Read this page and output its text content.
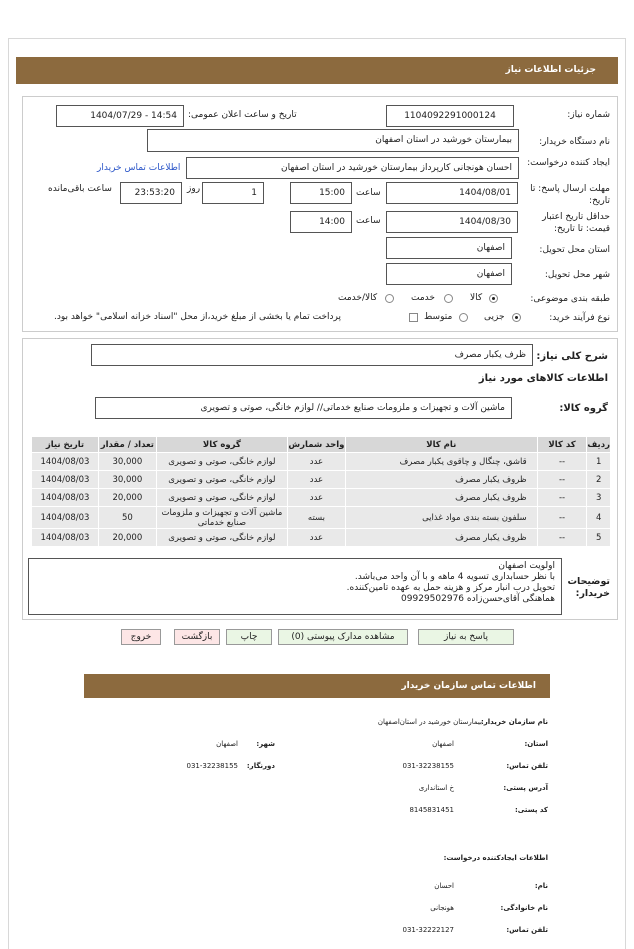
جزئیات اطلاعات نیاز
شماره نیاز:
1104092291000124
تاریخ و ساعت اعلان عمومی:
1404/07/29 - 14:54
نام دستگاه خریدار:
بیمارستان خورشید در استان اصفهان
ایجاد کننده درخواست:
احسان هونجانی کارپرداز بیمارستان خورشید در استان اصفهان
اطلاعات تماس خریدار
مهلت ارسال پاسخ: تا تاریخ:
1404/08/01
ساعت
15:00
1
روز
23:53:20
ساعت باقی‌مانده
حداقل تاریخ اعتبار قیمت: تا تاریخ:
1404/08/30
ساعت
14:00
استان محل تحویل:
اصفهان
شهر محل تحویل:
اصفهان
طبقه بندی موضوعی:
کالا
خدمت
کالا/خدمت
نوع فرآیند خرید:
جزیی
متوسط
پرداخت تمام یا بخشی از مبلغ خرید،از محل "اسناد خزانه اسلامی" خواهد بود.
شرح کلی نیاز:
ظرف یکبار مصرف
اطلاعات کالاهای مورد نیاز
گروه کالا:
ماشین آلات و تجهیزات و ملزومات صنایع خدماتی// لوازم خانگی، صوتی و تصویری
ردیف	کد کالا	نام کالا	واحد شمارش	گروه کالا	تعداد / مقدار	تاریخ نیاز
1	--	قاشق، چنگال و چاقوی یکبار مصرف	عدد	لوازم خانگی، صوتی و تصویری	30,000	1404/08/03
2	--	ظروف یکبار مصرف	عدد	لوازم خانگی، صوتی و تصویری	30,000	1404/08/03
3	--	ظروف یکبار مصرف	عدد	لوازم خانگی، صوتی و تصویری	20,000	1404/08/03
4	--	سلفون بسته بندی مواد غذایی	بسته	ماشین آلات و تجهیزات و ملزومات صنایع خدماتی	50	1404/08/03
5	--	ظروف یکبار مصرف	عدد	لوازم خانگی، صوتی و تصویری	20,000	1404/08/03
توضیحات خریدار:
اولویت اصفهان
با نظر حسابداری تسویه 4 ماهه و با آن واحد می‌باشد.
تحویل درب انبار مرکز و هزینه حمل به عهده تامین‌کننده.
هماهنگی آقای‌حسن‌زاده 09929502976
پاسخ به نیاز
مشاهده مدارک پیوستی (0)
چاپ
بازگشت
خروج
اطلاعات تماس سازمان خریدار
نام سازمان خریدار:
بیمارستان خورشید در استان‌اصفهان
استان:
اصفهان
شهر:
اصفهان
تلفن تماس:
031-32238155
دورنگار:
031-32238155
آدرس پستی:
خ استانداری
کد پستی:
8145831451
اطلاعات ایجادکننده درخواست:
نام:
احسان
نام خانوادگی:
هونجانی
تلفن تماس:
031-32222127
